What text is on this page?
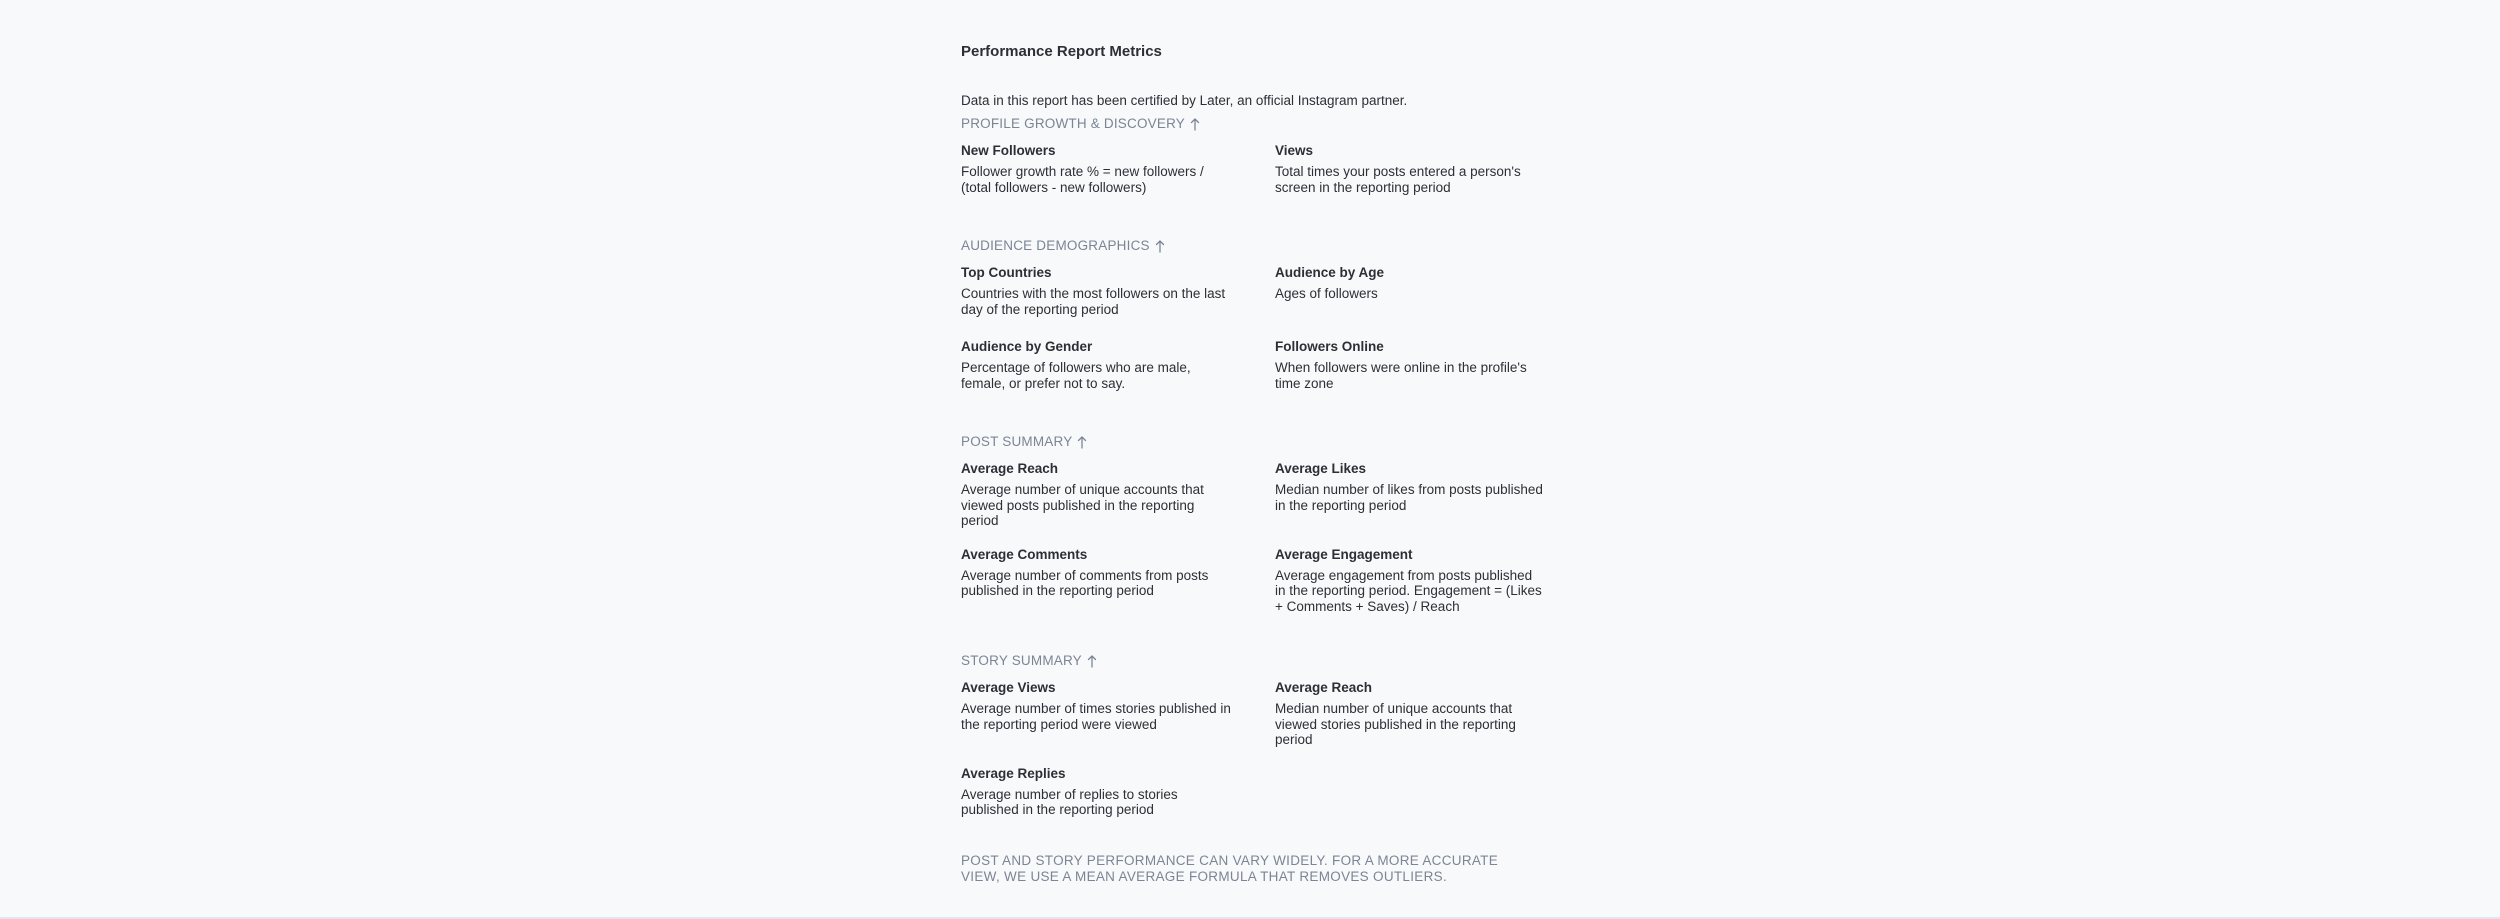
Performance Report Metrics
Data in this report has been certified by Later, an official Instagram partner.
PROFILE GROWTH & DISCOVERY
New Followers
Follower growth rate % = new followers / (total followers - new followers)
Views
Total times your posts entered a person's screen in the reporting period
AUDIENCE DEMOGRAPHICS
Top Countries
Countries with the most followers on the last day of the reporting period
Audience by Age
Ages of followers
Audience by Gender
Percentage of followers who are male, female, or prefer not to say.
Followers Online
When followers were online in the profile's time zone
POST SUMMARY
Average Reach
Average number of unique accounts that viewed posts published in the reporting period
Average Likes
Median number of likes from posts published in the reporting period
Average Comments
Average number of comments from posts published in the reporting period
Average Engagement
Average engagement from posts published in the reporting period. Engagement = (Likes + Comments + Saves) / Reach
STORY SUMMARY
Average Views
Average number of times stories published in the reporting period were viewed
Average Reach
Median number of unique accounts that viewed stories published in the reporting period
Average Replies
Average number of replies to stories published in the reporting period
POST AND STORY PERFORMANCE CAN VARY WIDELY. FOR A MORE ACCURATE VIEW, WE USE A MEAN AVERAGE FORMULA THAT REMOVES OUTLIERS.
